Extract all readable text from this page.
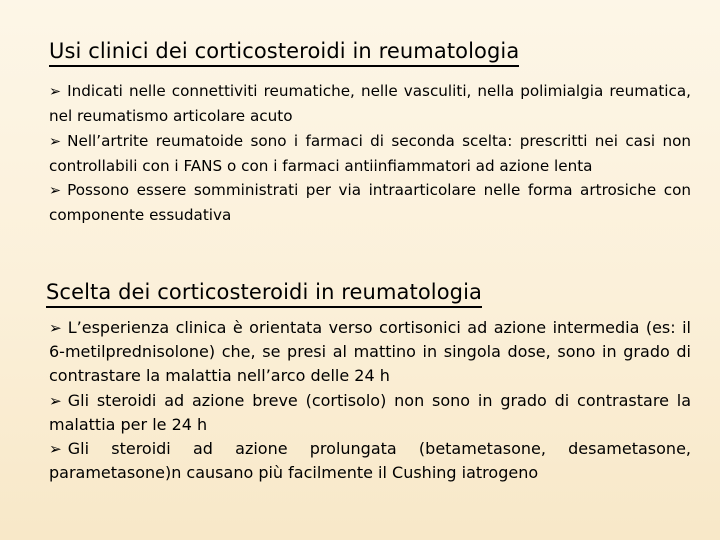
Usi clinici dei corticosteroidi in reumatologia

➢ Indicati nelle connettiviti reumatiche, nelle vasculiti, nella polimialgia reumatica, nel reumatismo articolare acuto

➢ Nell’artrite reumatoide sono i farmaci di seconda scelta: prescritti nei casi non controllabili con i FANS o con i farmaci antiinfiammatori ad azione lenta

➢ Possono essere somministrati per via intraarticolare nelle forma artrosiche con componente essudativa

Scelta dei corticosteroidi in reumatologia

➢ L’esperienza clinica è orientata verso cortisonici ad azione intermedia (es: il 6-metilprednisolone) che, se presi al mattino in singola dose, sono in grado di contrastare la malattia nell’arco delle 24 h

➢ Gli steroidi ad azione breve (cortisolo) non sono in grado di contrastare la malattia per le 24 h

➢ Gli steroidi ad azione prolungata (betametasone, desametasone, parametasone)n causano più facilmente il Cushing iatrogeno
